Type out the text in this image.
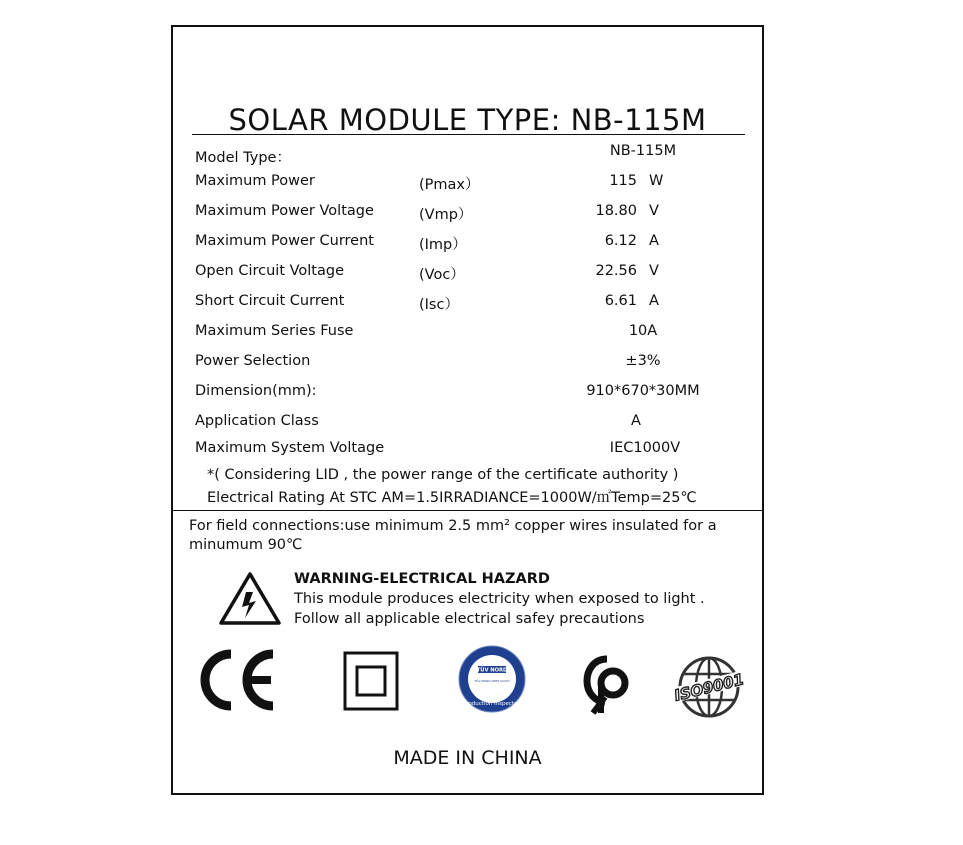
SOLAR MODULE TYPE: NB-115M
Model Type：	NB-115M
Maximum Power	(Pmax）	115 W
Maximum Power Voltage	(Vmp）	18.80 V
Maximum Power Current	(Imp）	6.12 A
Open Circuit Voltage	(Voc）	22.56 V
Short Circuit Current	(Isc）	6.61 A
Maximum Series Fuse	10A
Power Selection	±3%
Dimension(mm):	910*670*30MM
Application Class	A
Maximum System Voltage	IEC1000V
*( Considering LID , the power range of the certificate authority )
Electrical Rating At STC AM=1.5IRRADIANCE=1000W/㎡Temp=25℃
For field connections:use minimum 2.5 mm² copper wires insulated for a minumum 90℃
WARNING-ELECTRICAL HAZARD
This module produces electricity when exposed to light .
Follow all applicable electrical safey precautions
TÜV NORD
TÜV NORD CERT GmbH
Production inspected	ISO9001
MADE IN CHINA
